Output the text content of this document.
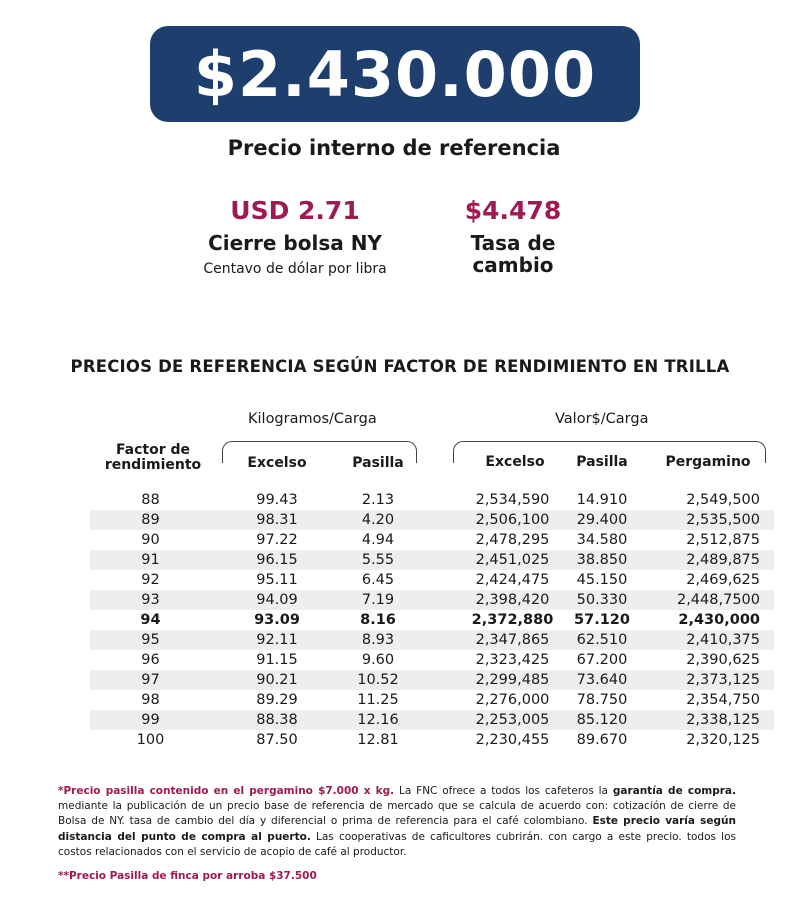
$2.430.000
Precio interno de referencia
USD 2.71
Cierre bolsa NY
Centavo de dólar por libra
$4.478
Tasa de
cambio
PRECIOS DE REFERENCIA SEGÚN FACTOR DE RENDIMIENTO EN TRILLA
Kilogramos/Carga	Valor$/Carga
Factor de
rendimiento	Excelso	Pasilla	Excelso	Pasilla	Pergamino
88	99.43	2.13	2,534,590	14.910	2,549,500
89	98.31	4.20	2,506,100	29.400	2,535,500
90	97.22	4.94	2,478,295	34.580	2,512,875
91	96.15	5.55	2,451,025	38.850	2,489,875
92	95.11	6.45	2,424,475	45.150	2,469,625
93	94.09	7.19	2,398,420	50.330	2,448,7500
94	93.09	8.16	2,372,880	57.120	2,430,000
95	92.11	8.93	2,347,865	62.510	2,410,375
96	91.15	9.60	2,323,425	67.200	2,390,625
97	90.21	10.52	2,299,485	73.640	2,373,125
98	89.29	11.25	2,276,000	78.750	2,354,750
99	88.38	12.16	2,253,005	85.120	2,338,125
100	87.50	12.81	2,230,455	89.670	2,320,125
*Precio pasilla contenido en el pergamino $7.000 x kg. La FNC ofrece a todos los cafeteros la garantía de compra. mediante la publicación de un precio base de referencia de mercado que se calcula de acuerdo con: cotización de cierre de Bolsa de NY. tasa de cambio del día y diferencial o prima de referencia para el café colombiano. Este precio varía según distancia del punto de compra al puerto. Las cooperativas de caficultores cubrirán. con cargo a este precio. todos los costos relacionados con el servicio de acopio de café al productor.
**Precio Pasilla de finca por arroba $37.500
